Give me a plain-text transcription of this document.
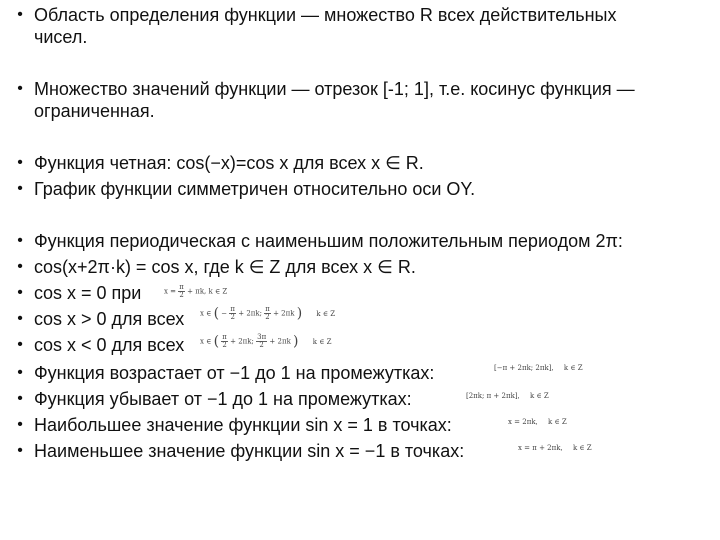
• Область определения функции — множество R всех действительных
чисел.
• Множество значений функции — отрезок [-1; 1], т.е. косинус функция —
ограниченная.
• Функция четная: cos(−x)=cos x для всех x ∈ R.
• График функции симметричен относительно оси OY.
• Функция периодическая с наименьшим положительным периодом 2π:
• cos(x+2π·k) = cos x, где k ∈ Z для всех x ∈ R.
• cos x = 0 при	$x = \frac{\pi}{2} + \pi k$, k ∈ Z
• cos x > 0 для всех x ∈ ( − $\frac{\pi}{2} + 2\pi k$; $\frac{\pi}{2} + 2\pi k$ ) k ∈ Z
• cos x < 0 для всех x ∈ ( $\frac{\pi}{2} + 2\pi k$; $\frac{3\pi}{2} + 2\pi k$ ) k ∈ Z
• Функция возрастает от −1 до 1 на промежутках:	[−π + 2πk; 2πk], k ∈ Z
• Функция убывает от −1 до 1 на промежутках:	[2πk; π + 2πk], k ∈ Z
• Наибольшее значение функции sin x = 1 в точках:	x = 2πk, k ∈ Z
• Наименьшее значение функции sin x = −1 в точках:	x = π + 2πk, k ∈ Z
